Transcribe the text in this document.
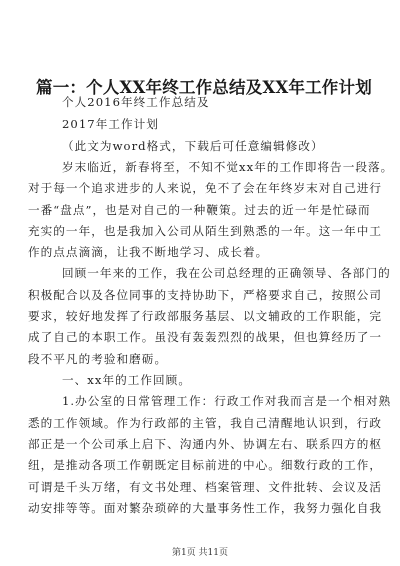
篇一：个人XX年终工作总结及XX年工作计划
个人2016年终工作总结及
2017年工作计划
（此文为word格式，下载后可任意编辑修改）
岁末临近，新春将至，不知不觉xx年的工作即将告一段落。
对于每一个追求进步的人来说，免不了会在年终岁末对自己进行
一番“盘点”，也是对自己的一种鞭策。过去的近一年是忙碌而
充实的一年，也是我加入公司从陌生到熟悉的一年。这一年中工
作的点点滴滴，让我不断地学习、成长着。
回顾一年来的工作，我在公司总经理的正确领导、各部门的
积极配合以及各位同事的支持协助下，严格要求自己，按照公司
要求，较好地发挥了行政部服务基层、以文辅政的工作职能，完
成了自己的本职工作。虽没有轰轰烈烈的战果，但也算经历了一
段不平凡的考验和磨砺。
一、xx年的工作回顾。
1.办公室的日常管理工作：行政工作对我而言是一个相对熟
悉的工作领域。作为行政部的主管，我自己清醒地认识到，行政
部正是一个公司承上启下、沟通内外、协调左右、联系四方的枢
纽，是推动各项工作朝既定目标前进的中心。细数行政的工作，
可谓是千头万绪，有文书处理、档案管理、文件批转、会议及活
动安排等等。面对繁杂琐碎的大量事务性工作，我努力强化自我
第1页 共11页
